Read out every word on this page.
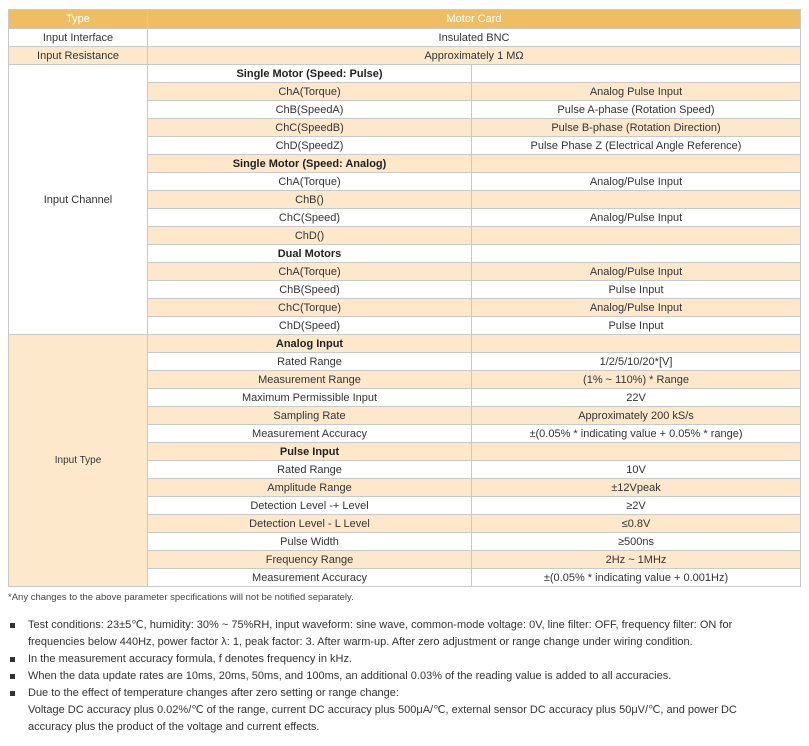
Type	Motor Card	
Input Interface	Insulated BNC	
Input Resistance	Approximately 1 MΩ	
Input Channel	Single Motor (Speed: Pulse)	
	ChA(Torque)	Analog Pulse Input
	ChB(SpeedA)	Pulse A-phase (Rotation Speed)
	ChC(SpeedB)	Pulse B-phase (Rotation Direction)
	ChD(SpeedZ)	Pulse Phase Z (Electrical Angle Reference)
	Single Motor (Speed: Analog)	
	ChA(Torque)	Analog/Pulse Input
	ChB()	
	ChC(Speed)	Analog/Pulse Input
	ChD()	
	Dual Motors	
	ChA(Torque)	Analog/Pulse Input
	ChB(Speed)	Pulse Input
	ChC(Torque)	Analog/Pulse Input
	ChD(Speed)	Pulse Input
Input Type	Analog Input	
	Rated Range	1/2/5/10/20*[V]
	Measurement Range	(1% ~ 110%) * Range
	Maximum Permissible Input	22V
	Sampling Rate	Approximately 200 kS/s
	Measurement Accuracy	±(0.05% * indicating value + 0.05% * range)
	Pulse Input	
	Rated Range	10V
	Amplitude Range	±12Vpeak
	Detection Level -+ Level	≥2V
	Detection Level - L Level	≤0.8V
	Pulse Width	≥500ns
	Frequency Range	2Hz ~ 1MHz
	Measurement Accuracy	±(0.05% * indicating value + 0.001Hz)
*Any changes to the above parameter specifications will not be notified separately.
Test conditions: 23±5℃, humidity: 30% ~ 75%RH, input waveform: sine wave, common-mode voltage: 0V, line filter: OFF, frequency filter: ON for
frequencies below 440Hz, power factor λ: 1, peak factor: 3. After warm-up. After zero adjustment or range change under wiring condition.
In the measurement accuracy formula, f denotes frequency in kHz.
When the data update rates are 10ms, 20ms, 50ms, and 100ms, an additional 0.03% of the reading value is added to all accuracies.
Due to the effect of temperature changes after zero setting or range change:
Voltage DC accuracy plus 0.02%/℃ of the range, current DC accuracy plus 500μA/℃, external sensor DC accuracy plus 50μV/℃, and power DC
accuracy plus the product of the voltage and current effects.
